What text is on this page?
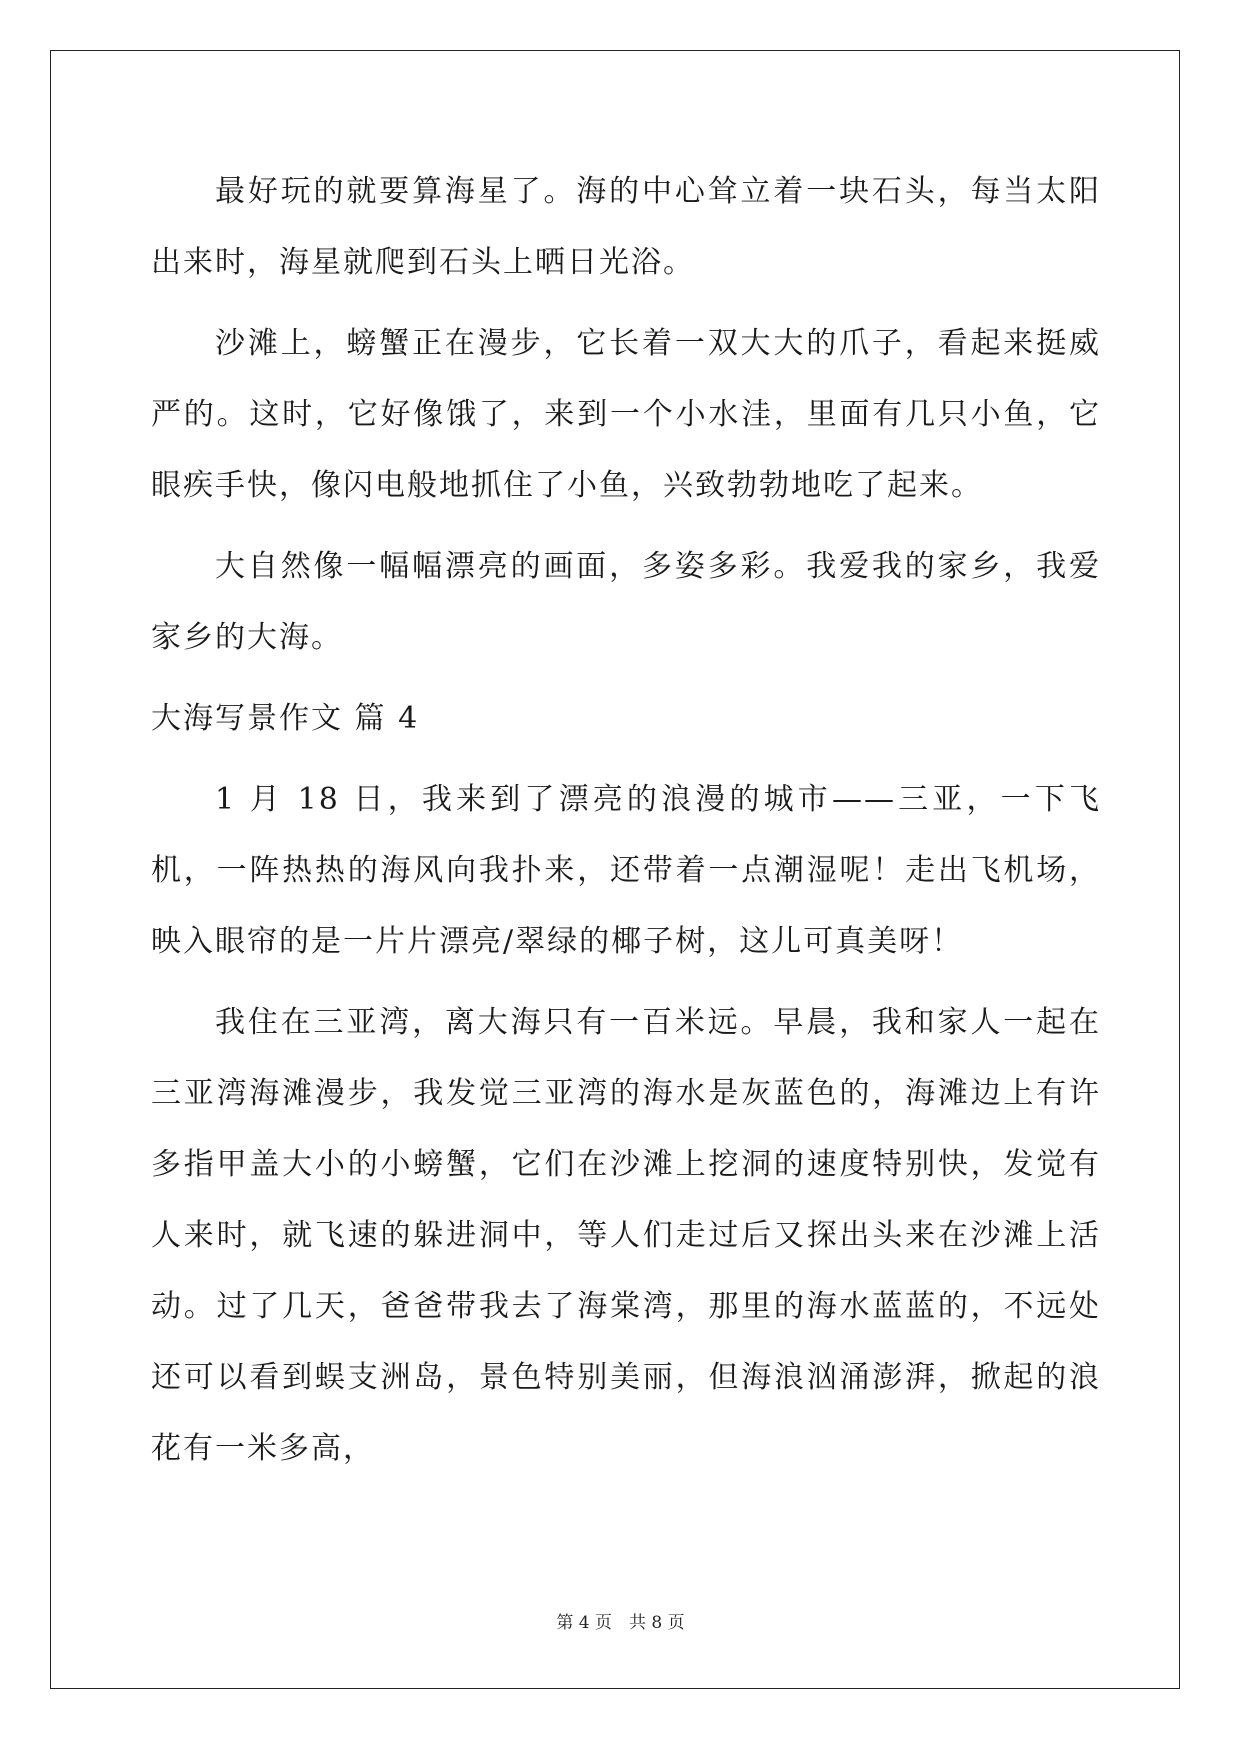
最好玩的就要算海星了。海的中心耸立着一块石头，每当太阳出来时，海星就爬到石头上晒日光浴。

沙滩上，螃蟹正在漫步，它长着一双大大的爪子，看起来挺威严的。这时，它好像饿了，来到一个小水洼，里面有几只小鱼，它眼疾手快，像闪电般地抓住了小鱼，兴致勃勃地吃了起来。

大自然像一幅幅漂亮的画面，多姿多彩。我爱我的家乡，我爱家乡的大海。

大海写景作文 篇 4

1 月 18 日，我来到了漂亮的浪漫的城市——三亚，一下飞机，一阵热热的海风向我扑来，还带着一点潮湿呢！走出飞机场，映入眼帘的是一片片漂亮/翠绿的椰子树，这儿可真美呀！

我住在三亚湾，离大海只有一百米远。早晨，我和家人一起在三亚湾海滩漫步，我发觉三亚湾的海水是灰蓝色的，海滩边上有许多指甲盖大小的小螃蟹，它们在沙滩上挖洞的速度特别快，发觉有人来时，就飞速的躲进洞中，等人们走过后又探出头来在沙滩上活动。过了几天，爸爸带我去了海棠湾，那里的海水蓝蓝的，不远处还可以看到蜈支洲岛，景色特别美丽，但海浪汹涌澎湃，掀起的浪花有一米多高，

第 4 页　共 8 页
